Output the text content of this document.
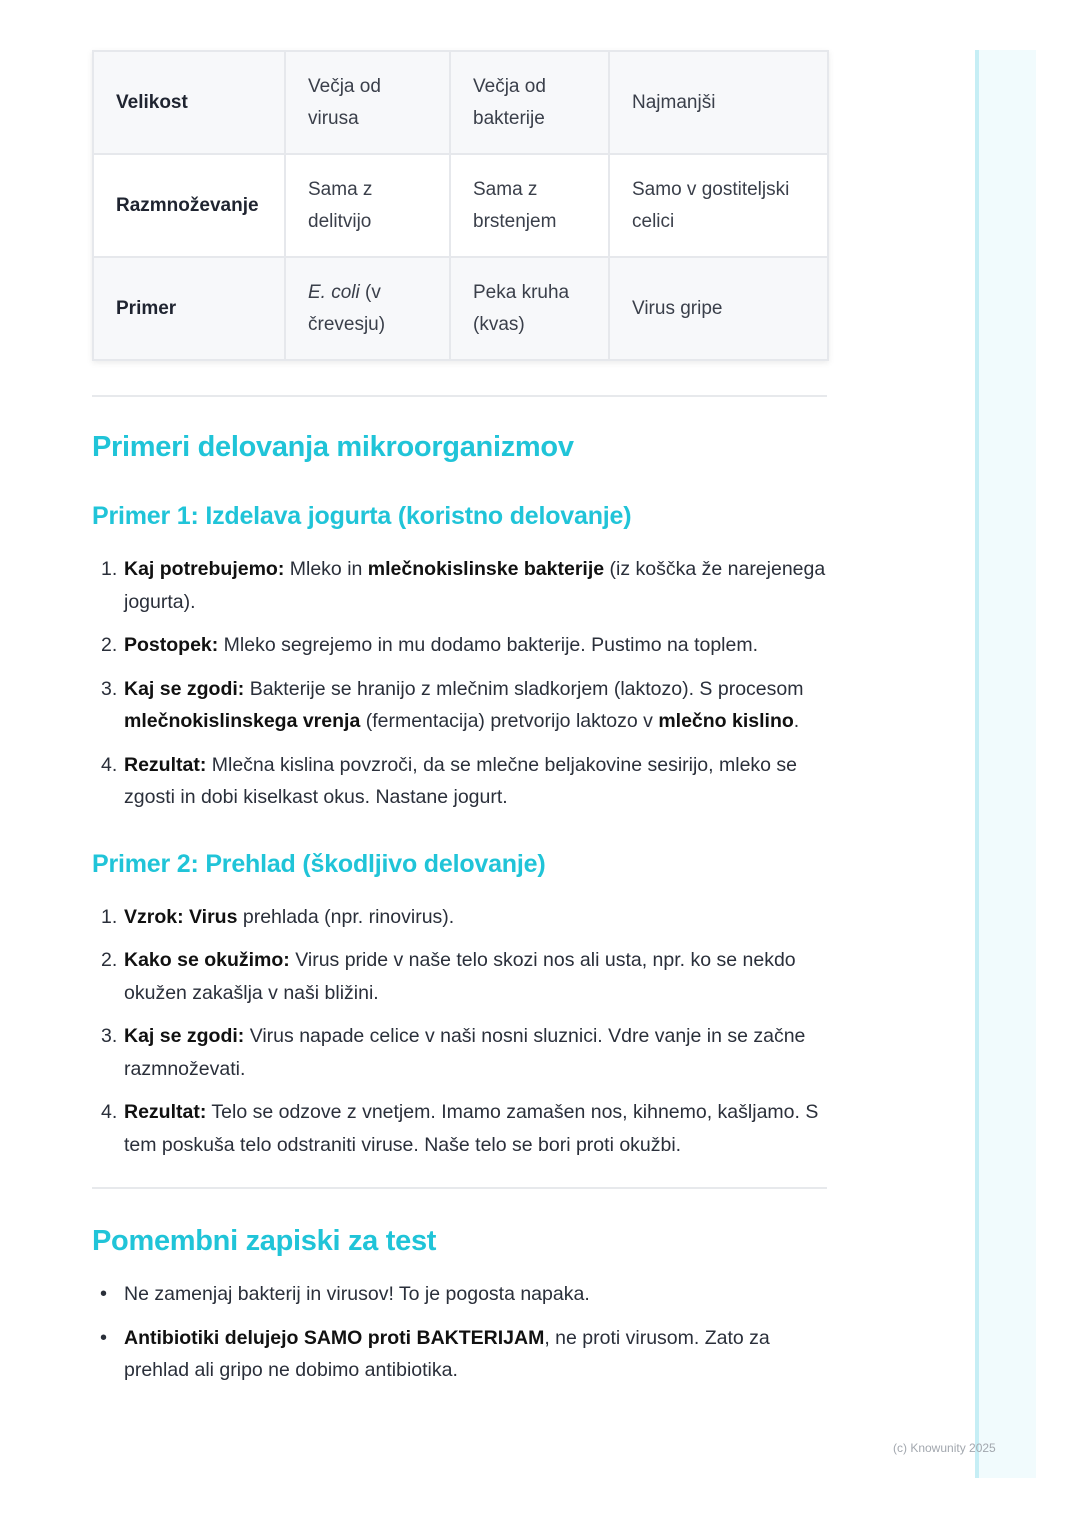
Velikost	Večja od virusa	Večja od bakterije	Najmanjši
Razmnoževanje	Sama z delitvijo	Sama z brstenjem	Samo v gostiteljski celici
Primer	E. coli (v črevesju)	Peka kruha (kvas)	Virus gripe
Primeri delovanja mikroorganizmov
Primer 1: Izdelava jogurta (koristno delovanje)
1. Kaj potrebujemo: Mleko in mlečnokislinske bakterije (iz koščka že narejenega jogurta).
2. Postopek: Mleko segrejemo in mu dodamo bakterije. Pustimo na toplem.
3. Kaj se zgodi: Bakterije se hranijo z mlečnim sladkorjem (laktozo). S procesom mlečnokislinskega vrenja (fermentacija) pretvorijo laktozo v mlečno kislino.
4. Rezultat: Mlečna kislina povzroči, da se mlečne beljakovine sesirijo, mleko se zgosti in dobi kiselkast okus. Nastane jogurt.
Primer 2: Prehlad (škodljivo delovanje)
1. Vzrok: Virus prehlada (npr. rinovirus).
2. Kako se okužimo: Virus pride v naše telo skozi nos ali usta, npr. ko se nekdo okužen zakašlja v naši bližini.
3. Kaj se zgodi: Virus napade celice v naši nosni sluznici. Vdre vanje in se začne razmnoževati.
4. Rezultat: Telo se odzove z vnetjem. Imamo zamašen nos, kihnemo, kašljamo. S tem poskuša telo odstraniti viruse. Naše telo se bori proti okužbi.
Pomembni zapiski za test
• Ne zamenjaj bakterij in virusov! To je pogosta napaka.
• Antibiotiki delujejo SAMO proti BAKTERIJAM, ne proti virusom. Zato za prehlad ali gripo ne dobimo antibiotika.
(c) Knowunity 2025
